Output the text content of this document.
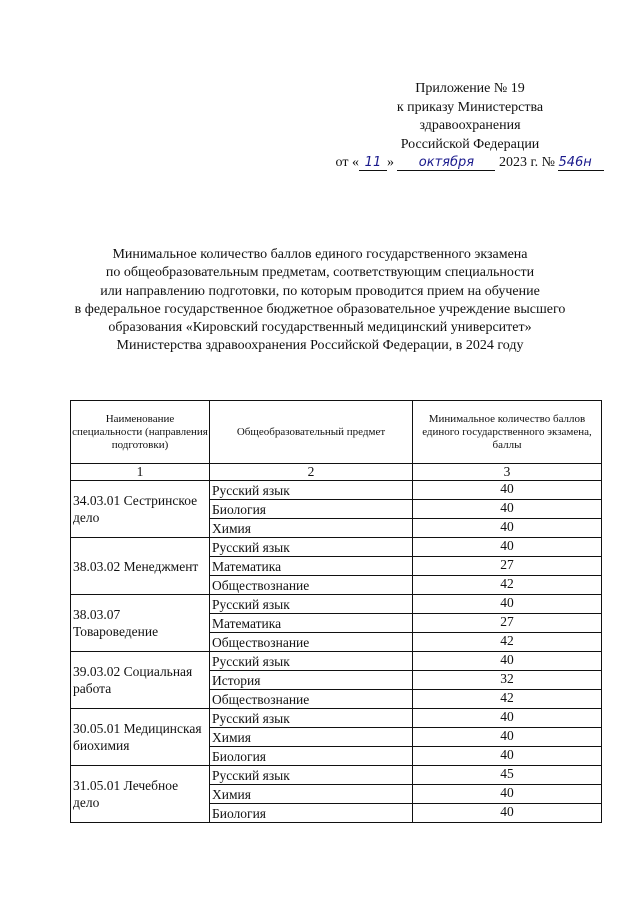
Приложение № 19
к приказу Министерства
здравоохранения
Российской Федерации
от « 11 » октября 2023 г. № 546н
Минимальное количество баллов единого государственного экзамена
по общеобразовательным предметам, соответствующим специальности
или направлению подготовки, по которым проводится прием на обучение
в федеральное государственное бюджетное образовательное учреждение высшего
образования «Кировский государственный медицинский университет»
Министерства здравоохранения Российской Федерации, в 2024 году
Наименование специальности (направления подготовки)	Общеобразовательный предмет	Минимальное количество баллов единого государственного экзамена, баллы
1	2	3
34.03.01 Сестринское дело	Русский язык	40
	Биология	40
	Химия	40
38.03.02 Менеджмент	Русский язык	40
	Математика	27
	Обществознание	42
38.03.07 Товароведение	Русский язык	40
	Математика	27
	Обществознание	42
39.03.02 Социальная работа	Русский язык	40
	История	32
	Обществознание	42
30.05.01 Медицинская биохимия	Русский язык	40
	Химия	40
	Биология	40
31.05.01 Лечебное дело	Русский язык	45
	Химия	40
	Биология	40
